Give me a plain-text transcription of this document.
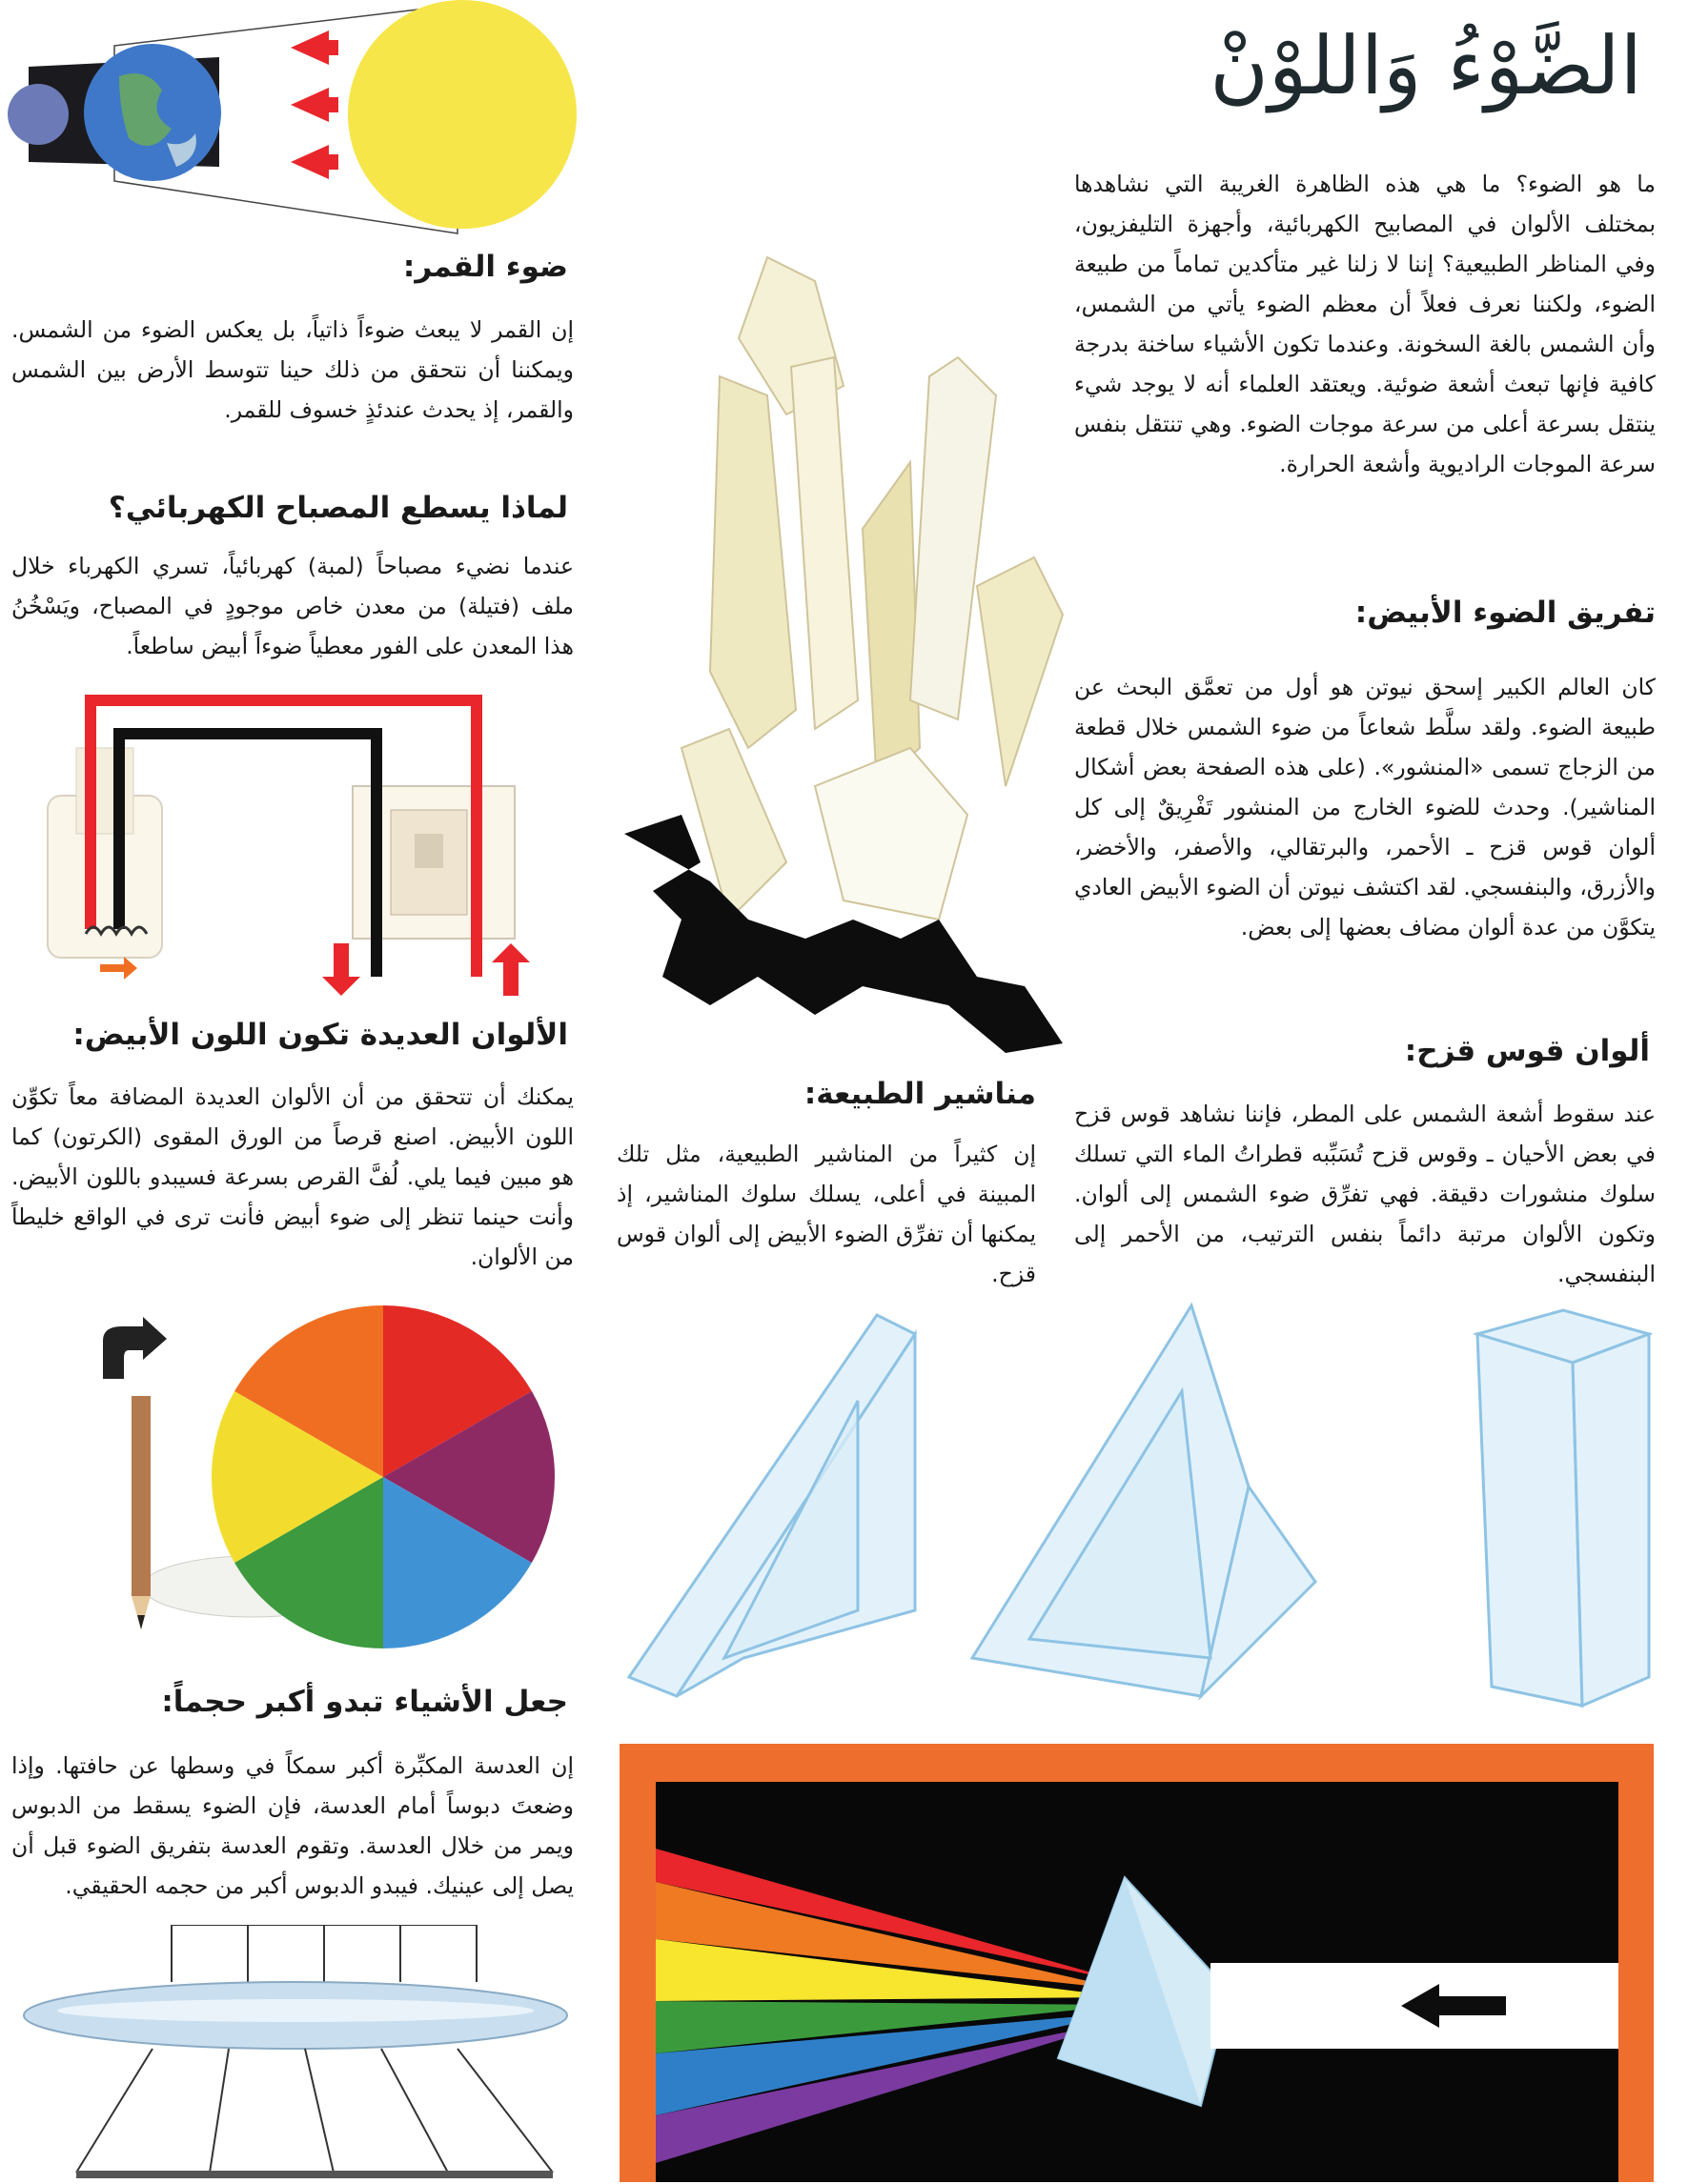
الضَّوْءُ وَاللوْنْ

ما هو الضوء؟ ما هي هذه الظاهرة الغريبة التي نشاهدها بمختلف الألوان في المصابيح الكهربائية، وأجهزة التليفزيون، وفي المناظر الطبيعية؟ إننا لا زلنا غير متأكدين تماماً من طبيعة الضوء، ولكننا نعرف فعلاً أن معظم الضوء يأتي من الشمس، وأن الشمس بالغة السخونة. وعندما تكون الأشياء ساخنة بدرجة كافية فإنها تبعث أشعة ضوئية. ويعتقد العلماء أنه لا يوجد شيء ينتقل بسرعة أعلى من سرعة موجات الضوء. وهي تنتقل بنفس سرعة الموجات الراديوية وأشعة الحرارة.

تفريق الضوء الأبيض:

كان العالم الكبير إسحق نيوتن هو أول من تعمَّق البحث عن طبيعة الضوء. ولقد سلَّط شعاعاً من ضوء الشمس خلال قطعة من الزجاج تسمى «المنشور». (على هذه الصفحة بعض أشكال المناشير). وحدث للضوء الخارج من المنشور تَفْرِيقٌ إلى كل ألوان قوس قزح ـ الأحمر، والبرتقالي، والأصفر، والأخضر، والأزرق، والبنفسجي. لقد اكتشف نيوتن أن الضوء الأبيض العادي يتكوَّن من عدة ألوان مضاف بعضها إلى بعض.

ألوان قوس قزح:

عند سقوط أشعة الشمس على المطر، فإننا نشاهد قوس قزح في بعض الأحيان ـ وقوس قزح تُسَبِّبه قطراتُ الماء التي تسلك سلوك منشورات دقيقة. فهي تفرِّق ضوء الشمس إلى ألوان. وتكون الألوان مرتبة دائماً بنفس الترتيب، من الأحمر إلى البنفسجي.

مناشير الطبيعة:

إن كثيراً من المناشير الطبيعية، مثل تلك المبينة في أعلى، يسلك سلوك المناشير، إذ يمكنها أن تفرِّق الضوء الأبيض إلى ألوان قوس قزح.

ضوء القمر:

إن القمر لا يبعث ضوءاً ذاتياً، بل يعكس الضوء من الشمس. ويمكننا أن نتحقق من ذلك حينا تتوسط الأرض بين الشمس والقمر، إذ يحدث عندئذٍ خسوف للقمر.

لماذا يسطع المصباح الكهربائي؟

عندما نضيء مصباحاً (لمبة) كهربائياً، تسري الكهرباء خلال ملف (فتيلة) من معدن خاص موجودٍ في المصباح، ويَسْخُنُ هذا المعدن على الفور معطياً ضوءاً أبيض ساطعاً.

الألوان العديدة تكون اللون الأبيض:

يمكنك أن تتحقق من أن الألوان العديدة المضافة معاً تكوِّن اللون الأبيض. اصنع قرصاً من الورق المقوى (الكرتون) كما هو مبين فيما يلي. لُفَّ القرص بسرعة فسيبدو باللون الأبيض. وأنت حينما تنظر إلى ضوء أبيض فأنت ترى في الواقع خليطاً من الألوان.

جعل الأشياء تبدو أكبر حجماً:

إن العدسة المكبِّرة أكبر سمكاً في وسطها عن حافتها. وإذا وضعتَ دبوساً أمام العدسة، فإن الضوء يسقط من الدبوس ويمر من خلال العدسة. وتقوم العدسة بتفريق الضوء قبل أن يصل إلى عينيك. فيبدو الدبوس أكبر من حجمه الحقيقي.
